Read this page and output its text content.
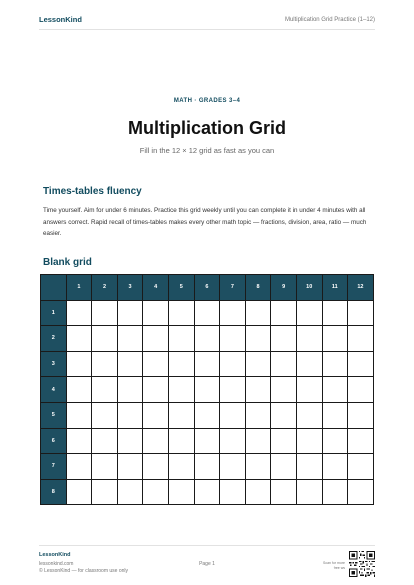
LessonKind	Multiplication Grid Practice (1–12)
MATH · GRADES 3–4
Multiplication Grid
Fill in the 12 × 12 grid as fast as you can
Times-tables fluency

Time yourself. Aim for under 6 minutes. Practice this grid weekly until you can complete it in under 4 minutes with all answers correct. Rapid recall of times-tables makes every other math topic — fractions, division, area, ratio — much easier.

Blank grid
	1	2	3	4	5	6	7	8	9	10	11	12
1												
2												
3												
4												
5												
6												
7												
8												
LessonKind
lessonkind.com
© LessonKind — for classroom use only
Page 1	Scan for more free ws
